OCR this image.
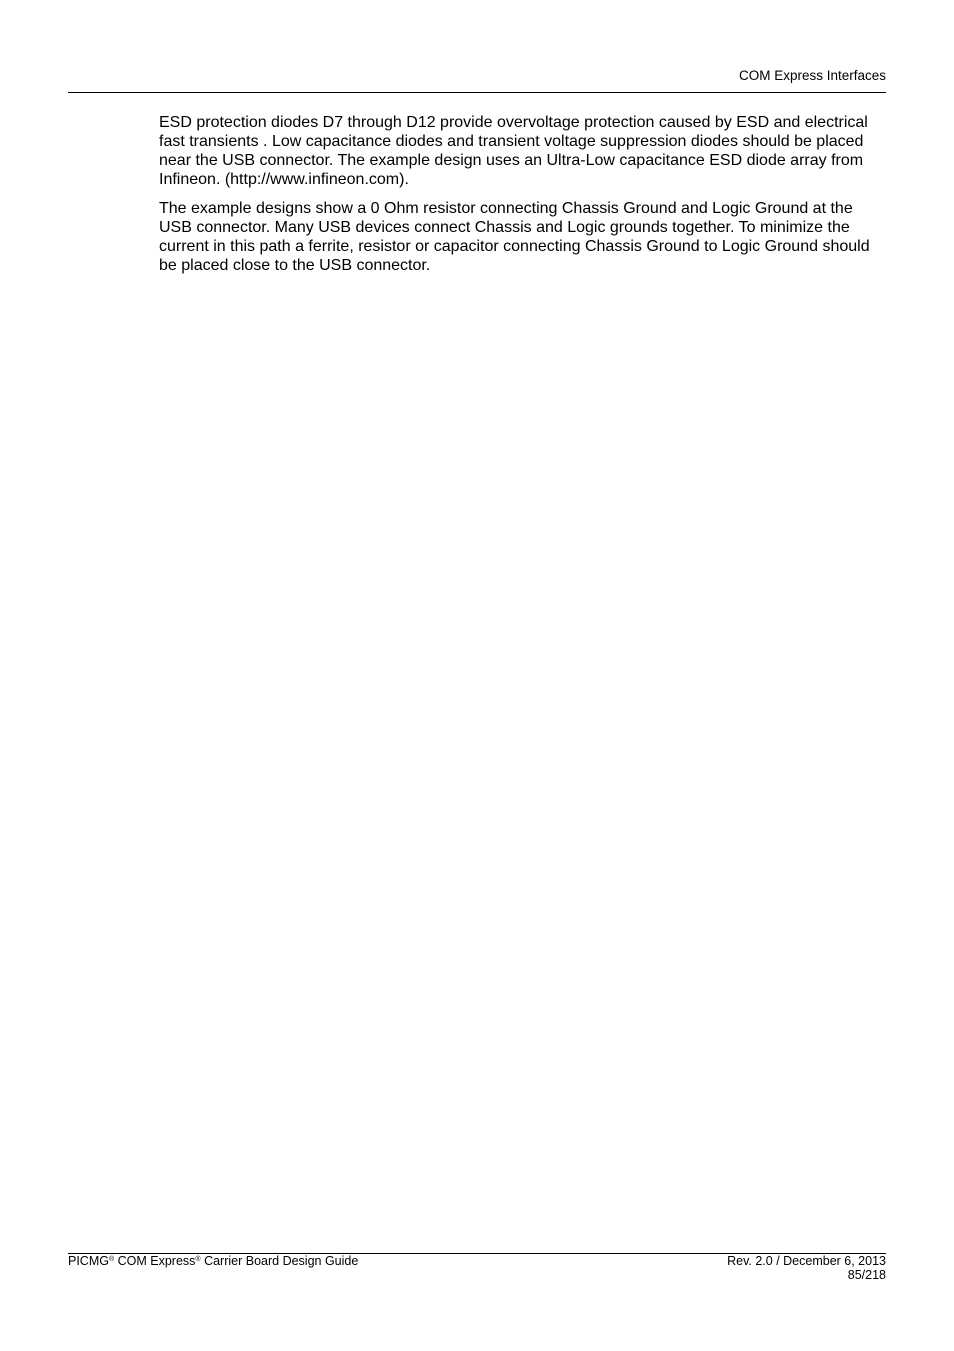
COM Express Interfaces

ESD protection diodes D7 through D12 provide overvoltage protection caused by ESD and electrical fast transients . Low capacitance diodes and transient voltage suppression diodes should be placed near the USB connector. The example design uses an Ultra-Low capacitance ESD diode array from Infineon. (http://www.infineon.com).

The example designs show a 0 Ohm resistor connecting Chassis Ground and Logic Ground at the USB connector. Many USB devices connect Chassis and Logic grounds together. To minimize the current in this path a ferrite, resistor or capacitor connecting Chassis Ground to Logic Ground should be placed close to the USB connector.

PICMG® COM Express® Carrier Board Design Guide	Rev. 2.0 / December 6, 2013
85/218
